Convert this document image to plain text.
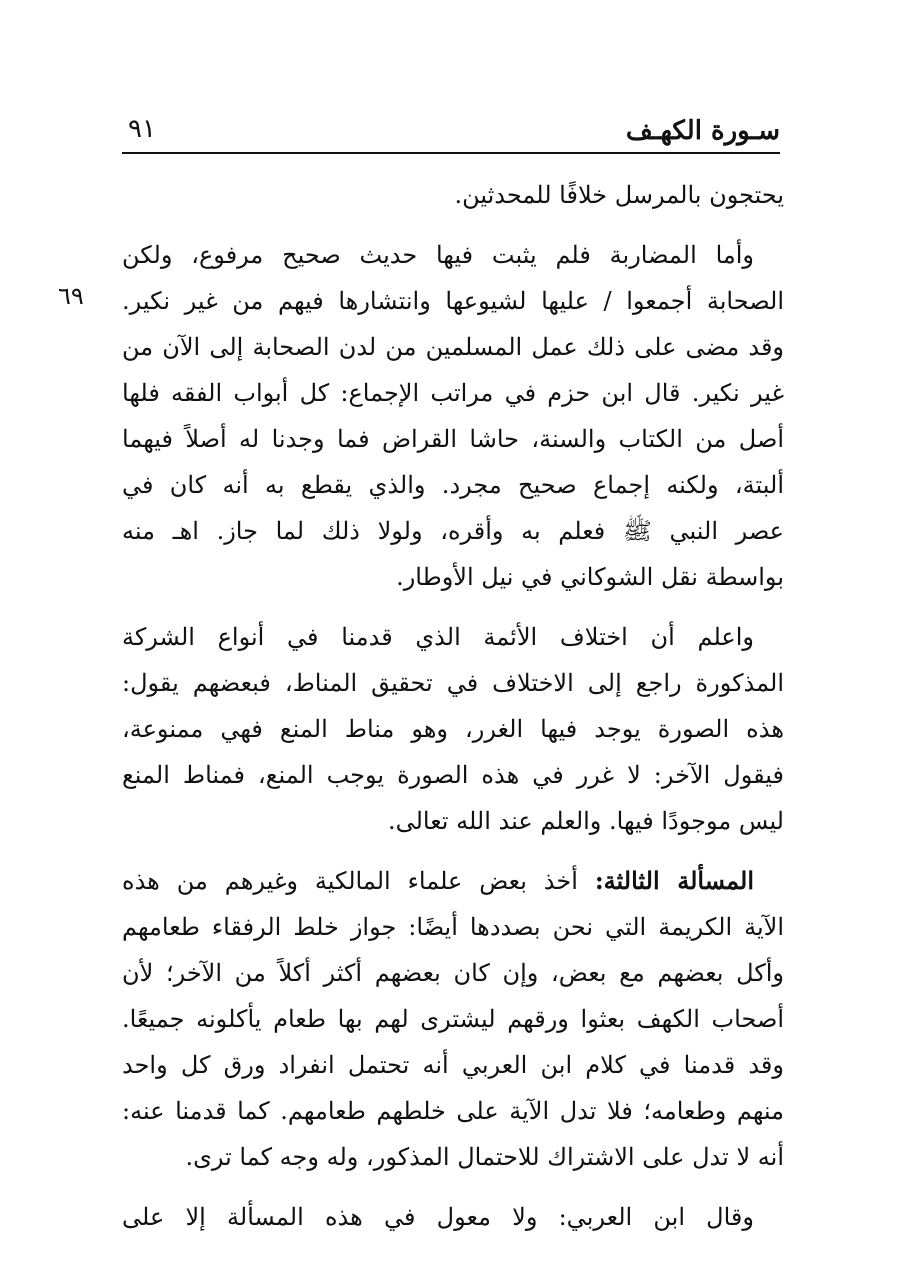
سـورة الكهـف
٩١
٦٩

يحتجون بالمرسل خلافًا للمحدثين.

وأما المضاربة فلم يثبت فيها حديث صحيح مرفوع، ولكن

الصحابة أجمعوا / عليها لشيوعها وانتشارها فيهم من غير نكير.
وقد مضى على ذلك عمل المسلمين من لدن الصحابة إلى الآن من
غير نكير. قال ابن حزم في مراتب الإجماع: كل أبواب الفقه فلها
أصل من الكتاب والسنة، حاشا القراض فما وجدنا له أصلاً فيهما
ألبتة، ولكنه إجماع صحيح مجرد. والذي يقطع به أنه كان في
عصر النبي ﷺ فعلم به وأقره، ولولا ذلك لما جاز. اهـ منه
بواسطة نقل الشوكاني في نيل الأوطار.

واعلم أن اختلاف الأئمة الذي قدمنا في أنواع الشركة
المذكورة راجع إلى الاختلاف في تحقيق المناط، فبعضهم يقول:
هذه الصورة يوجد فيها الغرر، وهو مناط المنع فهي ممنوعة،
فيقول الآخر: لا غرر في هذه الصورة يوجب المنع، فمناط المنع
ليس موجودًا فيها. والعلم عند الله تعالى.

المسألة الثالثة: أخذ بعض علماء المالكية وغيرهم من هذه
الآية الكريمة التي نحن بصددها أيضًا: جواز خلط الرفقاء طعامهم
وأكل بعضهم مع بعض، وإن كان بعضهم أكثر أكلاً من الآخر؛ لأن
أصحاب الكهف بعثوا ورقهم ليشترى لهم بها طعام يأكلونه جميعًا.
وقد قدمنا في كلام ابن العربي أنه تحتمل انفراد ورق كل واحد
منهم وطعامه؛ فلا تدل الآية على خلطهم طعامهم. كما قدمنا عنه:
أنه لا تدل على الاشتراك للاحتمال المذكور، وله وجه كما ترى.

وقال ابن العربي: ولا معول في هذه المسألة إلا على
